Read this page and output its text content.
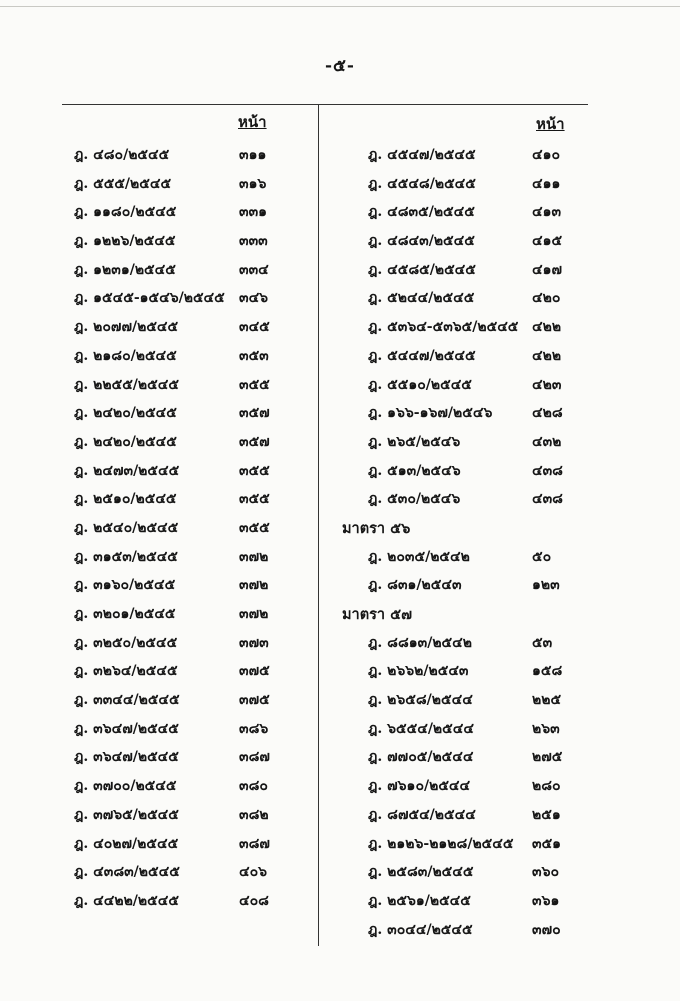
-๕-
หน้า	หน้า
ฎ. ๔๘๐/๒๕๔๕	๓๑๑
ฎ. ๕๕๕/๒๕๔๕	๓๑๖
ฎ. ๑๑๘๐/๒๕๔๕	๓๓๑
ฎ. ๑๒๒๖/๒๕๔๕	๓๓๓
ฎ. ๑๒๓๑/๒๕๔๕	๓๓๔
ฎ. ๑๕๔๕-๑๕๔๖/๒๕๔๕ ๓๔๖
ฎ. ๒๐๗๗/๒๕๔๕	๓๔๕
ฎ. ๒๑๘๐/๒๕๔๕	๓๕๓
ฎ. ๒๒๕๕/๒๕๔๕	๓๕๕
ฎ. ๒๔๒๐/๒๕๔๕	๓๕๗
ฎ. ๒๔๒๐/๒๕๔๕	๓๕๗
ฎ. ๒๔๗๓/๒๕๔๕	๓๕๕
ฎ. ๒๕๑๐/๒๕๔๕	๓๕๕
ฎ. ๒๕๔๐/๒๕๔๕	๓๕๕
ฎ. ๓๑๕๓/๒๕๔๕	๓๗๒
ฎ. ๓๑๖๐/๒๕๔๕	๓๗๒
ฎ. ๓๒๐๑/๒๕๔๕	๓๗๒
ฎ. ๓๒๕๐/๒๕๔๕	๓๗๓
ฎ. ๓๒๖๔/๒๕๔๕	๓๗๕
ฎ. ๓๓๔๔/๒๕๔๕	๓๗๕
ฎ. ๓๖๔๗/๒๕๔๕	๓๘๖
ฎ. ๓๖๔๗/๒๕๔๕	๓๘๗
ฎ. ๓๗๐๐/๒๕๔๕	๓๘๐
ฎ. ๓๗๖๕/๒๕๔๕	๓๘๒
ฎ. ๔๐๒๗/๒๕๔๕	๓๘๗
ฎ. ๔๓๘๓/๒๕๔๕	๔๐๖
ฎ. ๔๔๒๒/๒๕๔๕	๔๐๘
ฎ. ๔๕๔๗/๒๕๔๕	๔๑๐
ฎ. ๔๕๔๘/๒๕๔๕	๔๑๑
ฎ. ๔๘๓๕/๒๕๔๕	๔๑๓
ฎ. ๔๘๔๓/๒๕๔๕	๔๑๕
ฎ. ๔๕๘๕/๒๕๔๕	๔๑๗
ฎ. ๕๒๔๔/๒๕๔๕	๔๒๐
ฎ. ๕๓๖๔-๕๓๖๕/๒๕๔๕ ๔๒๒
ฎ. ๕๔๔๗/๒๕๔๕	๔๒๒
ฎ. ๕๕๑๐/๒๕๔๕	๔๒๓
ฎ. ๑๖๖-๑๖๗/๒๕๔๖	๔๒๘
ฎ. ๒๖๕/๒๕๔๖	๔๓๒
ฎ. ๕๑๓/๒๕๔๖	๔๓๘
ฎ. ๕๓๐/๒๕๔๖	๔๓๘
มาตรา ๕๖
ฎ. ๒๐๓๕/๒๕๔๒	๕๐
ฎ. ๘๓๑/๒๕๔๓	๑๒๓
มาตรา ๕๗
ฎ. ๘๘๑๓/๒๕๔๒	๕๓
ฎ. ๒๖๖๒/๒๕๔๓	๑๕๘
ฎ. ๒๖๕๘/๒๕๔๔	๒๒๕
ฎ. ๖๕๕๔/๒๕๔๔	๒๖๓
ฎ. ๗๗๐๕/๒๕๔๔	๒๗๕
ฎ. ๗๖๑๐/๒๕๔๔	๒๘๐
ฎ. ๘๗๕๔/๒๕๔๔	๒๕๑
ฎ. ๒๑๒๖-๒๑๒๘/๒๕๔๕ ๓๕๑
ฎ. ๒๕๘๓/๒๕๔๕	๓๖๐
ฎ. ๒๕๖๑/๒๕๔๕	๓๖๑
ฎ. ๓๐๔๔/๒๕๔๕	๓๗๐
